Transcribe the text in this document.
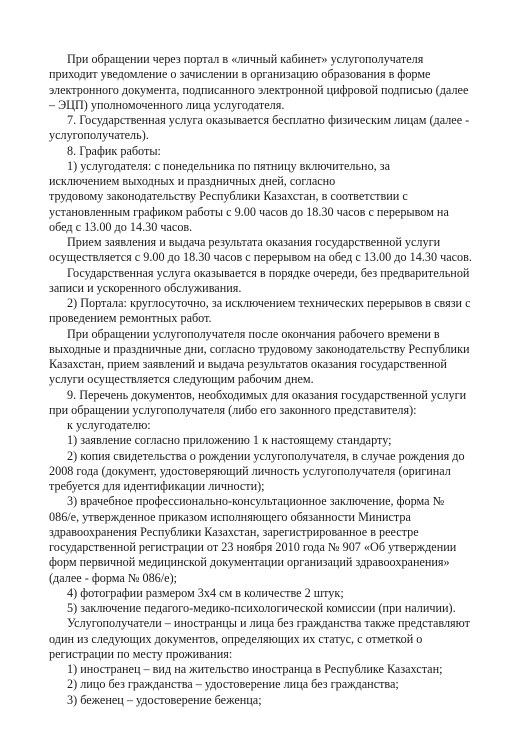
При обращении через портал в «личный кабинет» услугополучателя
приходит уведомление о зачислении в организацию образования в форме
электронного документа, подписанного электронной цифровой подписью (далее
– ЭЦП) уполномоченного лица услугодателя.
7. Государственная услуга оказывается бесплатно физическим лицам (далее -
услугополучатель).
8. График работы:
1) услугодателя: с понедельника по пятницу включительно, за
исключением выходных и праздничных дней, согласно
трудовому законодательству Республики Казахстан, в соответствии с
установленным графиком работы с 9.00 часов до 18.30 часов с перерывом на
обед с 13.00 до 14.30 часов.
Прием заявления и выдача результата оказания государственной услуги
осуществляется с 9.00 до 18.30 часов с перерывом на обед с 13.00 до 14.30 часов.
Государственная услуга оказывается в порядке очереди, без предварительной
записи и ускоренного обслуживания.
2) Портала: круглосуточно, за исключением технических перерывов в связи с
проведением ремонтных работ.
При обращении услугополучателя после окончания рабочего времени в
выходные и праздничные дни, согласно трудовому законодательству Республики
Казахстан, прием заявлений и выдача результатов оказания государственной
услуги осуществляется следующим рабочим днем.
9. Перечень документов, необходимых для оказания государственной услуги
при обращении услугополучателя (либо его законного представителя):
к услугодателю:
1) заявление согласно приложению 1 к настоящему стандарту;
2) копия свидетельства о рождении услугополучателя, в случае рождения до
2008 года (документ, удостоверяющий личность услугополучателя (оригинал
требуется для идентификации личности);
3) врачебное профессионально-консультационное заключение, форма №
086/е, утвержденное приказом исполняющего обязанности Министра
здравоохранения Республики Казахстан, зарегистрированное в реестре
государственной регистрации от 23 ноября 2010 года № 907 «Об утверждении
форм первичной медицинской документации организаций здравоохранения»
(далее - форма № 086/е);
4) фотографии размером 3х4 см в количестве 2 штук;
5) заключение педагого-медико-психологической комиссии (при наличии).
Услугополучатели – иностранцы и лица без гражданства также представляют
один из следующих документов, определяющих их статус, с отметкой о
регистрации по месту проживания:
1) иностранец – вид на жительство иностранца в Республике Казахстан;
2) лицо без гражданства – удостоверение лица без гражданства;
3) беженец – удостоверение беженца;
